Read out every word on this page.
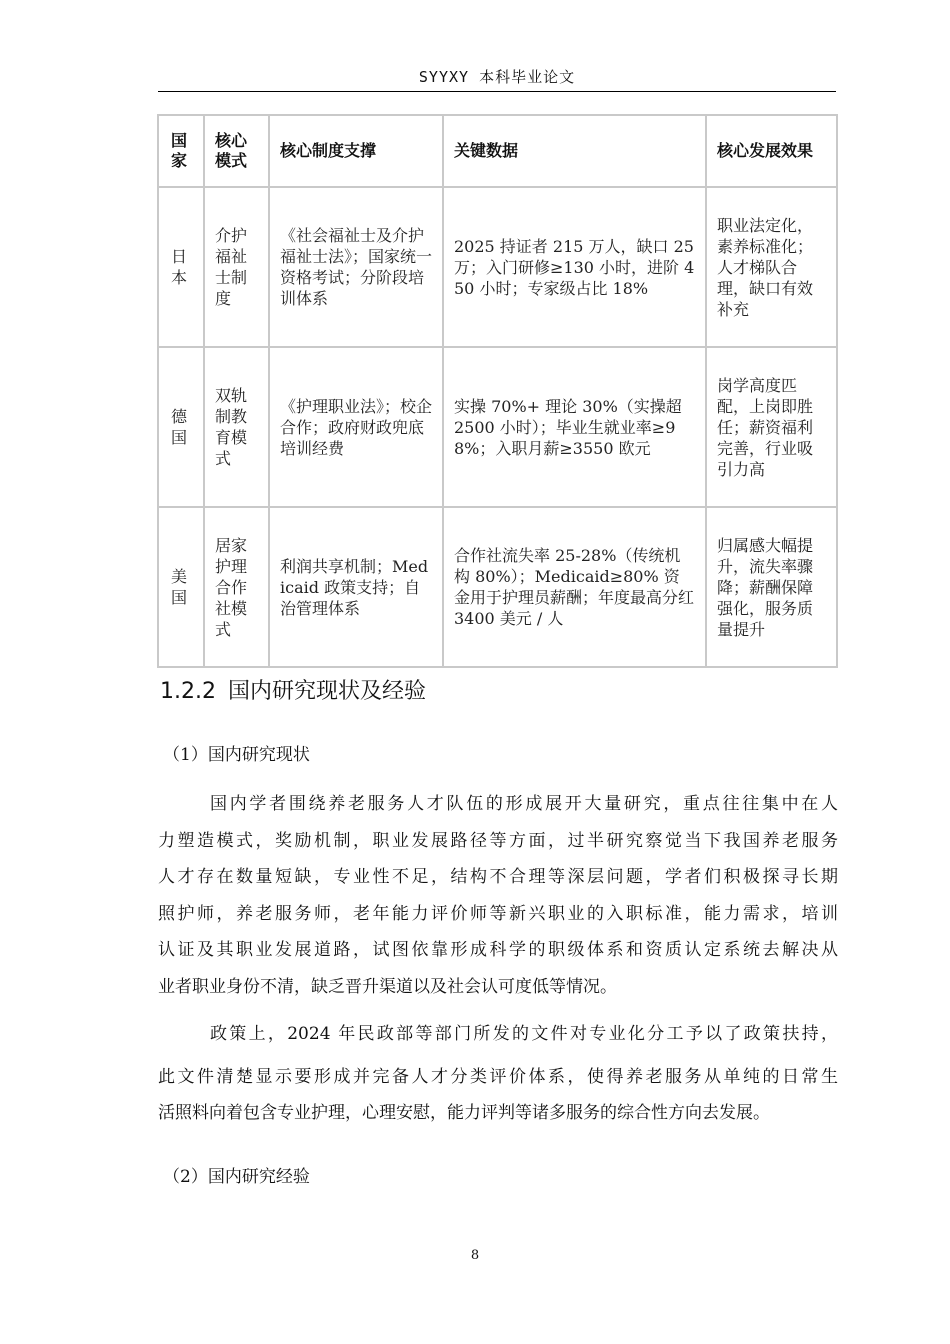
SYYXY 本科毕业论文
国家	核心模式	核心制度支撑	关键数据	核心发展效果
日本	介护福祉士制度	《社会福祉士及介护福祉士法》；国家统一资格考试；分阶段培训体系	2025 持证者 215 万人，缺口 25 万；入门研修≥130 小时，进阶 450 小时；专家级占比 18%	职业法定化，素养标准化；人才梯队合理，缺口有效补充
德国	双轨制教育模式	《护理职业法》；校企合作；政府财政兜底培训经费	实操 70%+ 理论 30%（实操超 2500 小时）；毕业生就业率≥98%；入职月薪≥3550 欧元	岗学高度匹配，上岗即胜任；薪资福利完善，行业吸引力高
美国	居家护理合作社模式	利润共享机制；Medicaid 政策支持；自治管理体系	合作社流失率 25-28%（传统机构 80%）；Medicaid≥80% 资金用于护理员薪酬；年度最高分红 3400 美元 / 人	归属感大幅提升，流失率骤降；薪酬保障强化，服务质量提升
1.2.2 国内研究现状及经验
（1）国内研究现状
国内学者围绕养老服务人才队伍的形成展开大量研究，重点往往集中在人
力塑造模式，奖励机制，职业发展路径等方面，过半研究察觉当下我国养老服务
人才存在数量短缺，专业性不足，结构不合理等深层问题，学者们积极探寻长期
照护师，养老服务师，老年能力评价师等新兴职业的入职标准，能力需求，培训
认证及其职业发展道路，试图依靠形成科学的职级体系和资质认定系统去解决从
业者职业身份不清，缺乏晋升渠道以及社会认可度低等情况。
政策上，2024 年民政部等部门所发的文件对专业化分工予以了政策扶持，
此文件清楚显示要形成并完备人才分类评价体系，使得养老服务从单纯的日常生
活照料向着包含专业护理，心理安慰，能力评判等诸多服务的综合性方向去发展。
（2）国内研究经验
8
